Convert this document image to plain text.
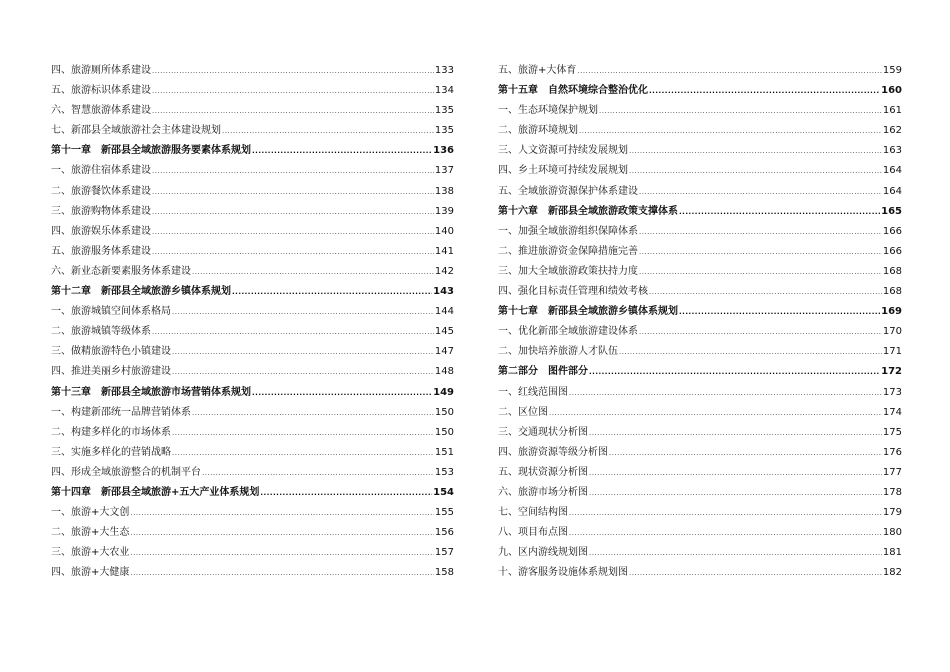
四、旅游厕所体系建设 .....	133
五、旅游标识体系建设 .....	134
六、智慧旅游体系建设 .....	135
七、新邵县全域旅游社会主体建设规划 .....	135
第十一章　新邵县全域旅游服务要素体系规划 .....	136
一、旅游住宿体系建设 .....	137
二、旅游餐饮体系建设 .....	138
三、旅游购物体系建设 .....	139
四、旅游娱乐体系建设 .....	140
五、旅游服务体系建设 .....	141
六、新业态新要素服务体系建设 .....	142
第十二章　新邵县全域旅游乡镇体系规划 .....	143
一、旅游城镇空间体系格局 .....	144
二、旅游城镇等级体系 .....	145
三、做精旅游特色小镇建设 .....	147
四、推进美丽乡村旅游建设 .....	148
第十三章　新邵县全域旅游市场营销体系规划 .....	149
一、构建新邵统一品牌营销体系 .....	150
二、构建多样化的市场体系 .....	150
三、实施多样化的营销战略 .....	151
四、形成全域旅游整合的机制平台 .....	153
第十四章　新邵县全域旅游+五大产业体系规划 .....	154
一、旅游+大文创 .....	155
二、旅游+大生态 .....	156
三、旅游+大农业 .....	157
四、旅游+大健康 .....	158
五、旅游+大体育 .....	159
第十五章　自然环境综合整治优化 .....	160
一、生态环境保护规划 .....	161
二、旅游环境规划 .....	162
三、人文资源可持续发展规划 .....	163
四、乡土环境可持续发展规划 .....	164
五、全域旅游资源保护体系建设 .....	164
第十六章　新邵县全域旅游政策支撑体系 .....	165
一、加强全域旅游组织保障体系 .....	166
二、推进旅游资金保障措施完善 .....	166
三、加大全域旅游政策扶持力度 .....	168
四、强化目标责任管理和绩效考核 .....	168
第十七章　新邵县全域旅游乡镇体系规划 .....	169
一、优化新邵全域旅游建设体系 .....	170
二、加快培养旅游人才队伍 .....	171
第二部分　图件部分 .....	172
一、红线范围图 .....	173
二、区位图 .....	174
三、交通现状分析图 .....	175
四、旅游资源等级分析图 .....	176
五、现状资源分析图 .....	177
六、旅游市场分析图 .....	178
七、空间结构图 .....	179
八、项目布点图 .....	180
九、区内游线规划图 .....	181
十、游客服务设施体系规划图 .....	182
